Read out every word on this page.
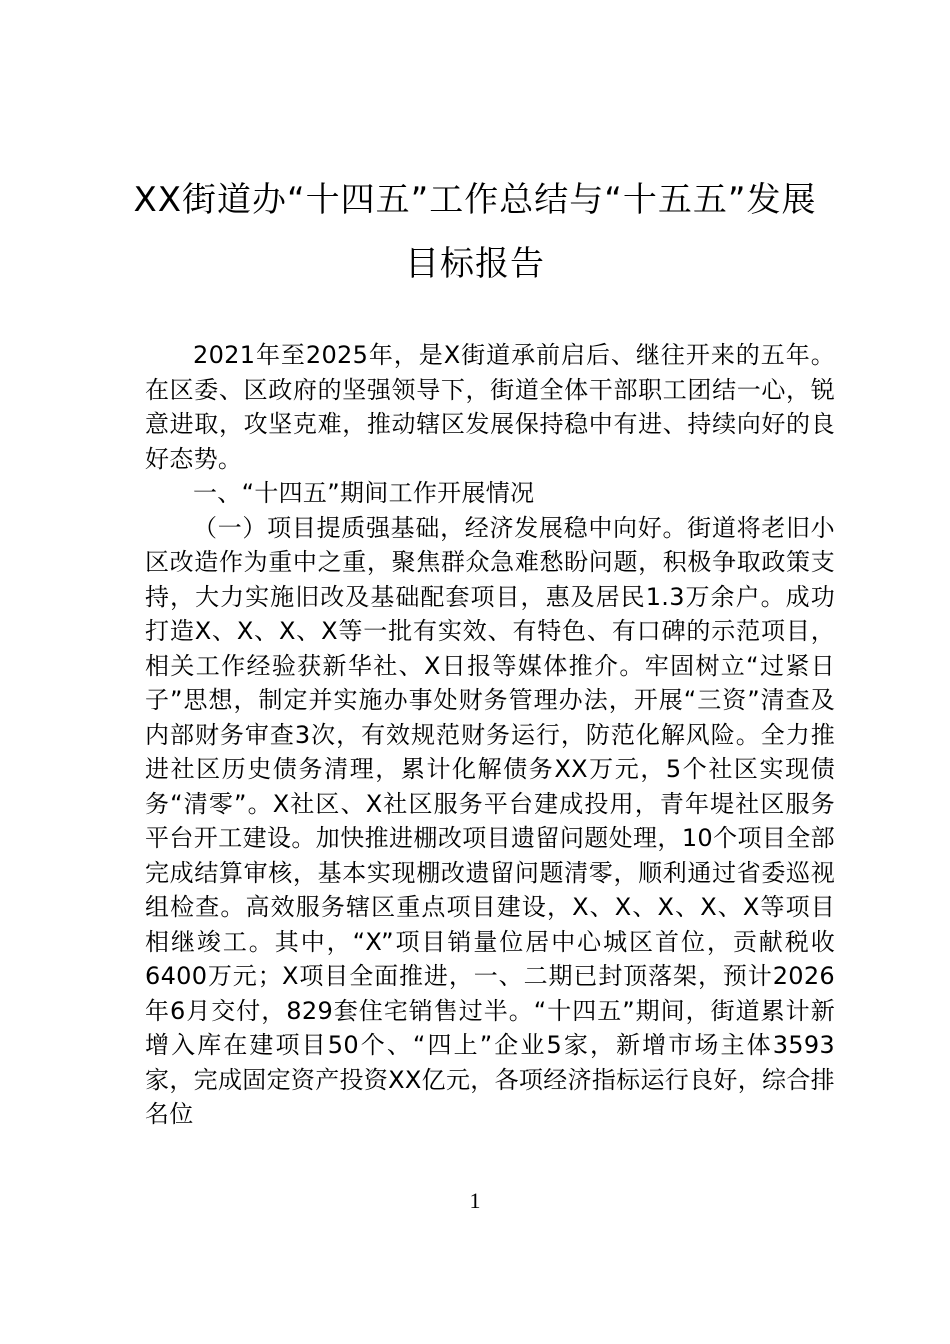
XX街道办“十四五”工作总结与“十五五”发展目标报告

2021年至2025年，是X街道承前启后、继往开来的五年。在区委、区政府的坚强领导下，街道全体干部职工团结一心，锐意进取，攻坚克难，推动辖区发展保持稳中有进、持续向好的良好态势。

一、“十四五”期间工作开展情况

（一）项目提质强基础，经济发展稳中向好。街道将老旧小区改造作为重中之重，聚焦群众急难愁盼问题，积极争取政策支持，大力实施旧改及基础配套项目，惠及居民1.3万余户。成功打造X、X、X、X等一批有实效、有特色、有口碑的示范项目，相关工作经验获新华社、X日报等媒体推介。牢固树立“过紧日子”思想，制定并实施办事处财务管理办法，开展“三资”清查及内部财务审查3次，有效规范财务运行，防范化解风险。全力推进社区历史债务清理，累计化解债务XX万元，5个社区实现债务“清零”。X社区、X社区服务平台建成投用，青年堤社区服务平台开工建设。加快推进棚改项目遗留问题处理，10个项目全部完成结算审核，基本实现棚改遗留问题清零，顺利通过省委巡视组检查。高效服务辖区重点项目建设，X、X、X、X、X等项目相继竣工。其中，“X”项目销量位居中心城区首位，贡献税收6400万元；X项目全面推进，一、二期已封顶落架，预计2026年6月交付，829套住宅销售过半。“十四五”期间，街道累计新增入库在建项目50个、“四上”企业5家，新增市场主体3593家，完成固定资产投资XX亿元，各项经济指标运行良好，综合排名位

1
